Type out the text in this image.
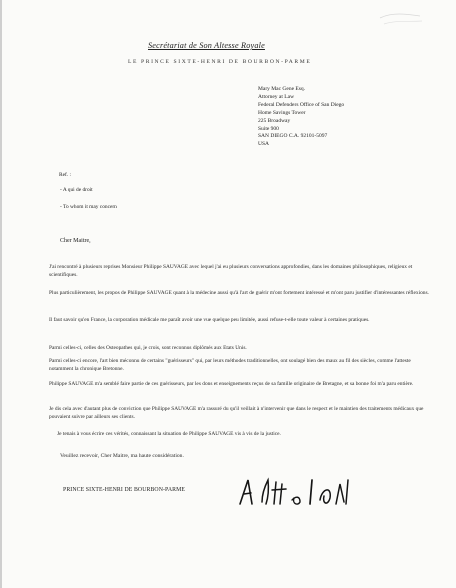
Secrétariat de Son Altesse Royale
LE PRINCE SIXTE-HENRI DE BOURBON-PARME
Mary Mac Gene Esq.
Attorney at Law
Federal Defenders Office of San Diego
Home Savings Tower
225 Broadway
Suite 900
SAN DIEGO C.A. 92101-5097
USA
Ref. :
- A qui de droit
- To whom it may concern
Cher Maitre,
J'ai rencontré à plusieurs reprises Monsieur Philippe SAUVAGE avec lequel j'ai eu plusieurs conversations approfondies, dans les domaines philosophiques, religieux et scientifiques.
Plus particulièrement, les propos de Philippe SAUVAGE quant à la médecine aussi qu'à l'art de guérir m'ont fortement intéressé et m'ont paru justifier d'intéressantes réflexions.
Il faut savoir qu'en France, la corporation médicale me paraît avoir une vue quelque peu limitée, aussi refuse-t-elle toute valeur à certaines pratiques.
Parmi celles-ci, celles des Osteopathes qui, je crois, sont reconnus diplômés aux Etats Unis.
Parmi celles-ci encore, l'art bien méconnu de certains "guérisseurs" qui, par leurs méthodes traditionnelles, ont soulagé bien des maux au fil des siècles, comme l'atteste notamment la chronique Bretonne.
Philippe SAUVAGE m'a semblé faire partie de ces guérisseurs, par les dons et enseignements reçus de sa famille originaire de Bretagne, et sa bonne foi m'a paru entière.
Je dis cela avec d'autant plus de conviction que Philippe SAUVAGE m'a rassuré du qu'il veillait à n'intervenir que dans le respect et le maintien des traitements médicaux que pouvaient suivre par ailleurs ses clients.
Je tenais à vous écrire ces vérités, connaissant la situation de Philippe SAUVAGE vis à vis de la justice.
Veuillez recevoir, Cher Maitre, ma haute considération.
PRINCE SIXTE-HENRI DE BOURBON-PARME
